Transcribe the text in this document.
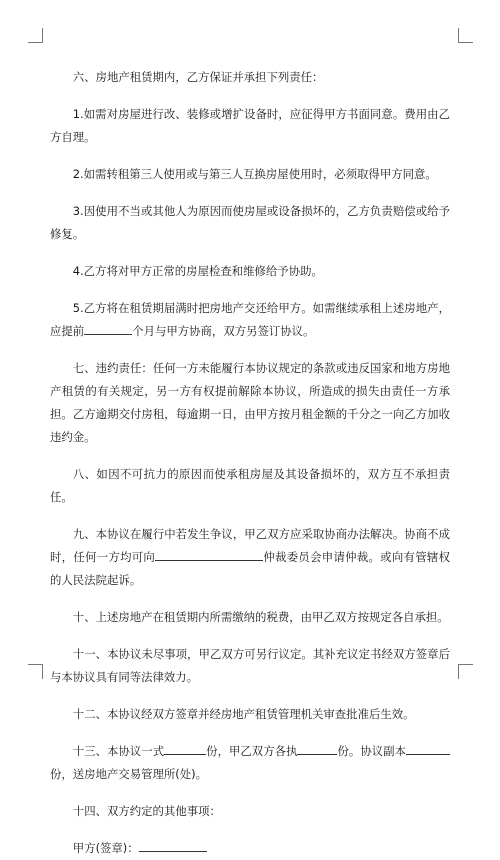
六、房地产租赁期内，乙方保证并承担下列责任：

1.如需对房屋进行改、装修或增扩设备时，应征得甲方书面同意。费用由乙方自理。

2.如需转租第三人使用或与第三人互换房屋使用时，必须取得甲方同意。

3.因使用不当或其他人为原因而使房屋或设备损坏的，乙方负责赔偿或给予修复。

4.乙方将对甲方正常的房屋检查和维修给予协助。

5.乙方将在租赁期届满时把房地产交还给甲方。如需继续承租上述房地产，应提前	个月与甲方协商，双方另签订协议。

七、违约责任：任何一方未能履行本协议规定的条款或违反国家和地方房地产租赁的有关规定，另一方有权提前解除本协议，所造成的损失由责任一方承担。乙方逾期交付房租，每逾期一日，由甲方按月租金额的千分之一向乙方加收违约金。

八、如因不可抗力的原因而使承租房屋及其设备损坏的，双方互不承担责任。

九、本协议在履行中若发生争议，甲乙双方应采取协商办法解决。协商不成时，任何一方均可向	仲裁委员会申请仲裁。或向有管辖权的人民法院起诉。

十、上述房地产在租赁期内所需缴纳的税费，由甲乙双方按规定各自承担。

十一、本协议未尽事项，甲乙双方可另行议定。其补充议定书经双方签章后与本协议具有同等法律效力。

十二、本协议经双方签章并经房地产租赁管理机关审查批准后生效。

十三、本协议一式	份，甲乙双方各执	份。协议副本份，送房地产交易管理所(处)。

十四、双方约定的其他事项：

甲方(签章)：
